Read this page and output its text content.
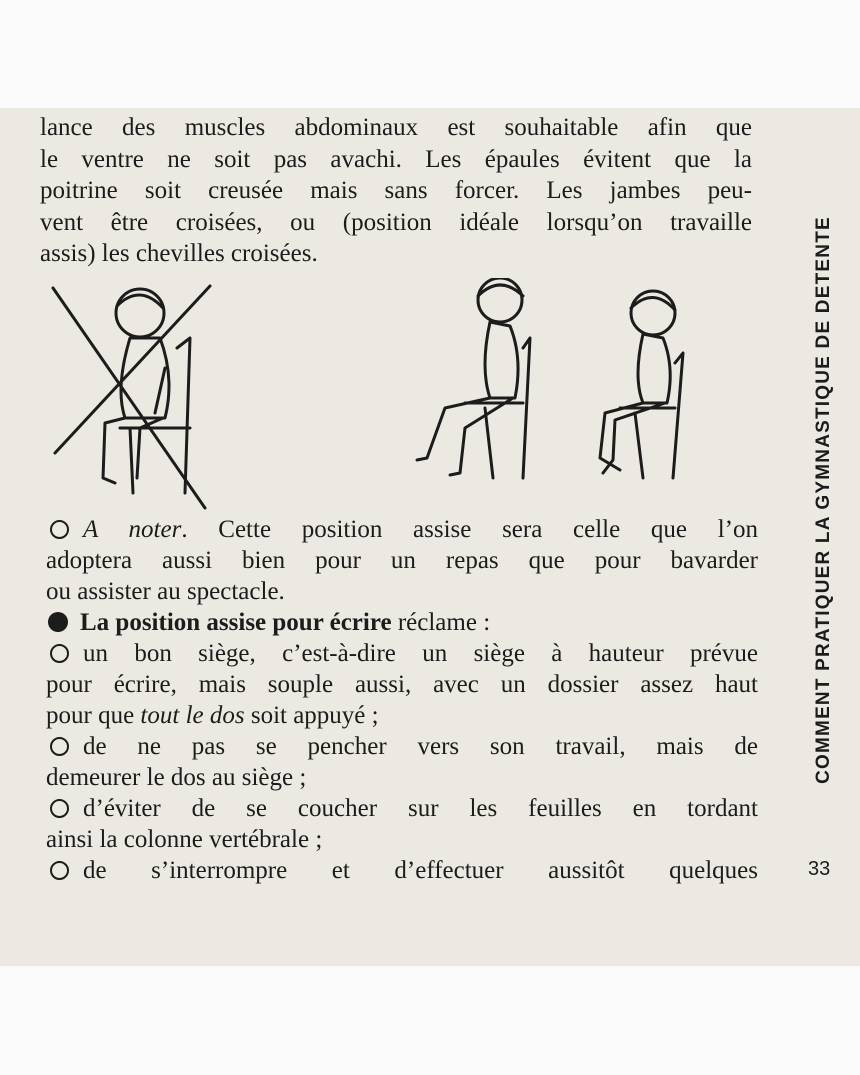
lance des muscles abdominaux est souhaitable afin que
le ventre ne soit pas avachi. Les épaules évitent que la
poitrine soit creusée mais sans forcer. Les jambes peu-
vent être croisées, ou (position idéale lorsqu’on travaille
assis) les chevilles croisées.
A noter. Cette position assise sera celle que l’on
adoptera aussi bien pour un repas que pour bavarder
ou assister au spectacle.
La position assise pour écrire réclame :
un bon siège, c’est-à-dire un siège à hauteur prévue
pour écrire, mais souple aussi, avec un dossier assez haut
pour que tout le dos soit appuyé ;
de ne pas se pencher vers son travail, mais de
demeurer le dos au siège ;
d’éviter de se coucher sur les feuilles en tordant
ainsi la colonne vertébrale ;
de s’interrompre et d’effectuer aussitôt quelques
COMMENT PRATIQUER LA GYMNASTIQUE DE DETENTE
33
